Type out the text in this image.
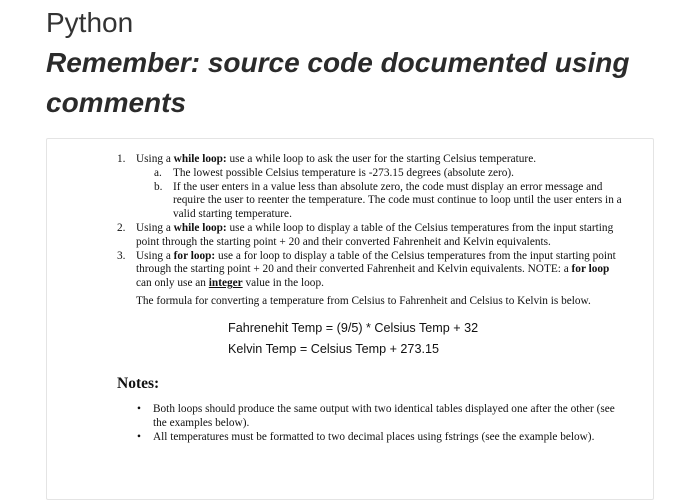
Python

Remember: source code documented using
comments

1. Using a while loop: use a while loop to ask the user for the starting Celsius temperature.
a. The lowest possible Celsius temperature is -273.15 degrees (absolute zero).
b. If the user enters in a value less than absolute zero, the code must display an error message and require the user to reenter the temperature. The code must continue to loop until the user enters in a valid starting temperature.
2. Using a while loop: use a while loop to display a table of the Celsius temperatures from the input starting point through the starting point + 20 and their converted Fahrenheit and Kelvin equivalents.
3. Using a for loop: use a for loop to display a table of the Celsius temperatures from the input starting point through the starting point + 20 and their converted Fahrenheit and Kelvin equivalents. NOTE: a for loop can only use an integer value in the loop.
The formula for converting a temperature from Celsius to Fahrenheit and Celsius to Kelvin is below.
Fahrenehit Temp = (9/5) * Celsius Temp + 32
Kelvin Temp = Celsius Temp + 273.15
Notes:
• Both loops should produce the same output with two identical tables displayed one after the other (see the examples below).
• All temperatures must be formatted to two decimal places using fstrings (see the example below).
